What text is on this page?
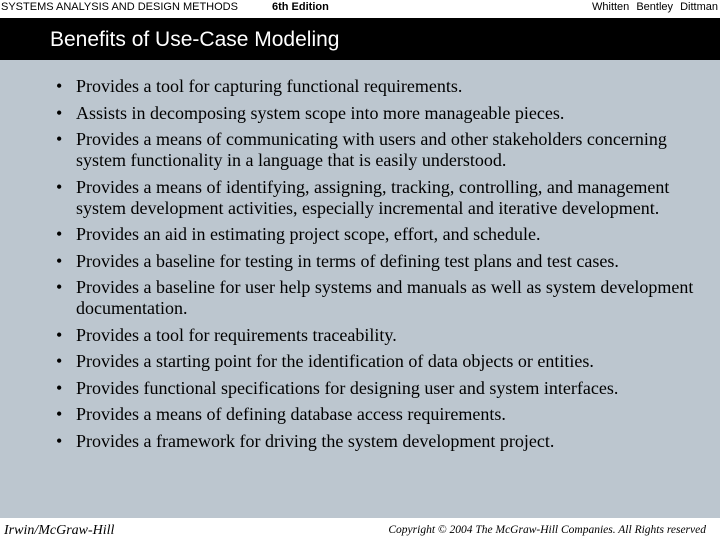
SYSTEMS ANALYSIS AND DESIGN METHODS	6th Edition	Whitten Bentley Dittman
Benefits of Use-Case Modeling
• Provides a tool for capturing functional requirements.
• Assists in decomposing system scope into more manageable pieces.
• Provides a means of communicating with users and other stakeholders concerning system functionality in a language that is easily understood.
• Provides a means of identifying, assigning, tracking, controlling, and management system development activities, especially incremental and iterative development.
• Provides an aid in estimating project scope, effort, and schedule.
• Provides a baseline for testing in terms of defining test plans and test cases.
• Provides a baseline for user help systems and manuals as well as system development documentation.
• Provides a tool for requirements traceability.
• Provides a starting point for the identification of data objects or entities.
• Provides functional specifications for designing user and system interfaces.
• Provides a means of defining database access requirements.
• Provides a framework for driving the system development project.
Irwin/McGraw-Hill	Copyright © 2004 The McGraw-Hill Companies. All Rights reserved
